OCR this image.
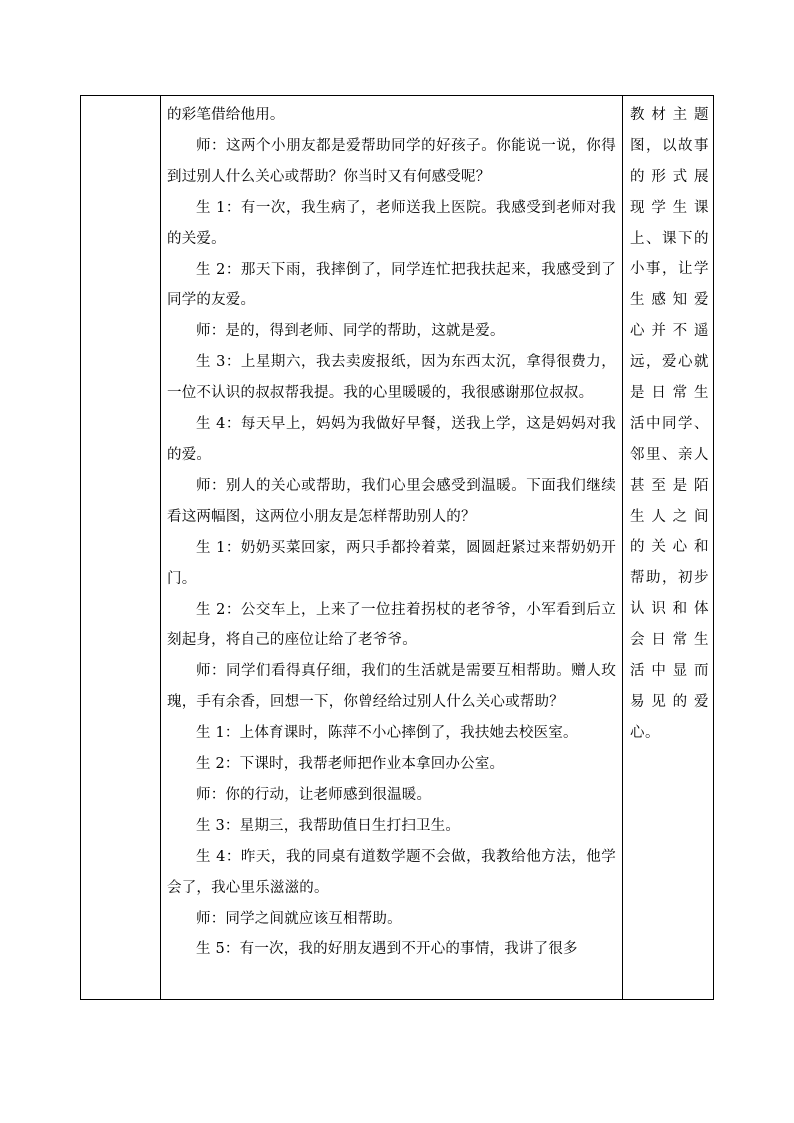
的彩笔借给他用。

师：这两个小朋友都是爱帮助同学的好孩子。你能说一说，你得到过别人什么关心或帮助？你当时又有何感受呢？

生 1：有一次，我生病了，老师送我上医院。我感受到老师对我的关爱。

生 2：那天下雨，我摔倒了，同学连忙把我扶起来，我感受到了同学的友爱。

师：是的，得到老师、同学的帮助，这就是爱。

生 3：上星期六，我去卖废报纸，因为东西太沉，拿得很费力，一位不认识的叔叔帮我提。我的心里暖暖的，我很感谢那位叔叔。

生 4：每天早上，妈妈为我做好早餐，送我上学，这是妈妈对我的爱。

师：别人的关心或帮助，我们心里会感受到温暖。下面我们继续看这两幅图，这两位小朋友是怎样帮助别人的？

生 1：奶奶买菜回家，两只手都拎着菜，圆圆赶紧过来帮奶奶开门。

生 2：公交车上，上来了一位拄着拐杖的老爷爷，小军看到后立刻起身，将自己的座位让给了老爷爷。

师：同学们看得真仔细，我们的生活就是需要互相帮助。赠人玫瑰，手有余香，回想一下，你曾经给过别人什么关心或帮助？

生 1：上体育课时，陈萍不小心摔倒了，我扶她去校医室。

生 2：下课时，我帮老师把作业本拿回办公室。

师：你的行动，让老师感到很温暖。

生 3：星期三，我帮助值日生打扫卫生。

生 4：昨天，我的同桌有道数学题不会做，我教给他方法，他学会了，我心里乐滋滋的。

师：同学之间就应该互相帮助。

生 5：有一次，我的好朋友遇到不开心的事情，我讲了很多

教材主题
图，以故事
的形式展
现学生课
上、课下的
小事，让学
生感知爱
心并不遥
远，爱心就
是日常生
活中同学、
邻里、亲人
甚至是陌
生人之间
的关心和
帮助，初步
认识和体
会日常生
活中显而
易见的爱
心。
